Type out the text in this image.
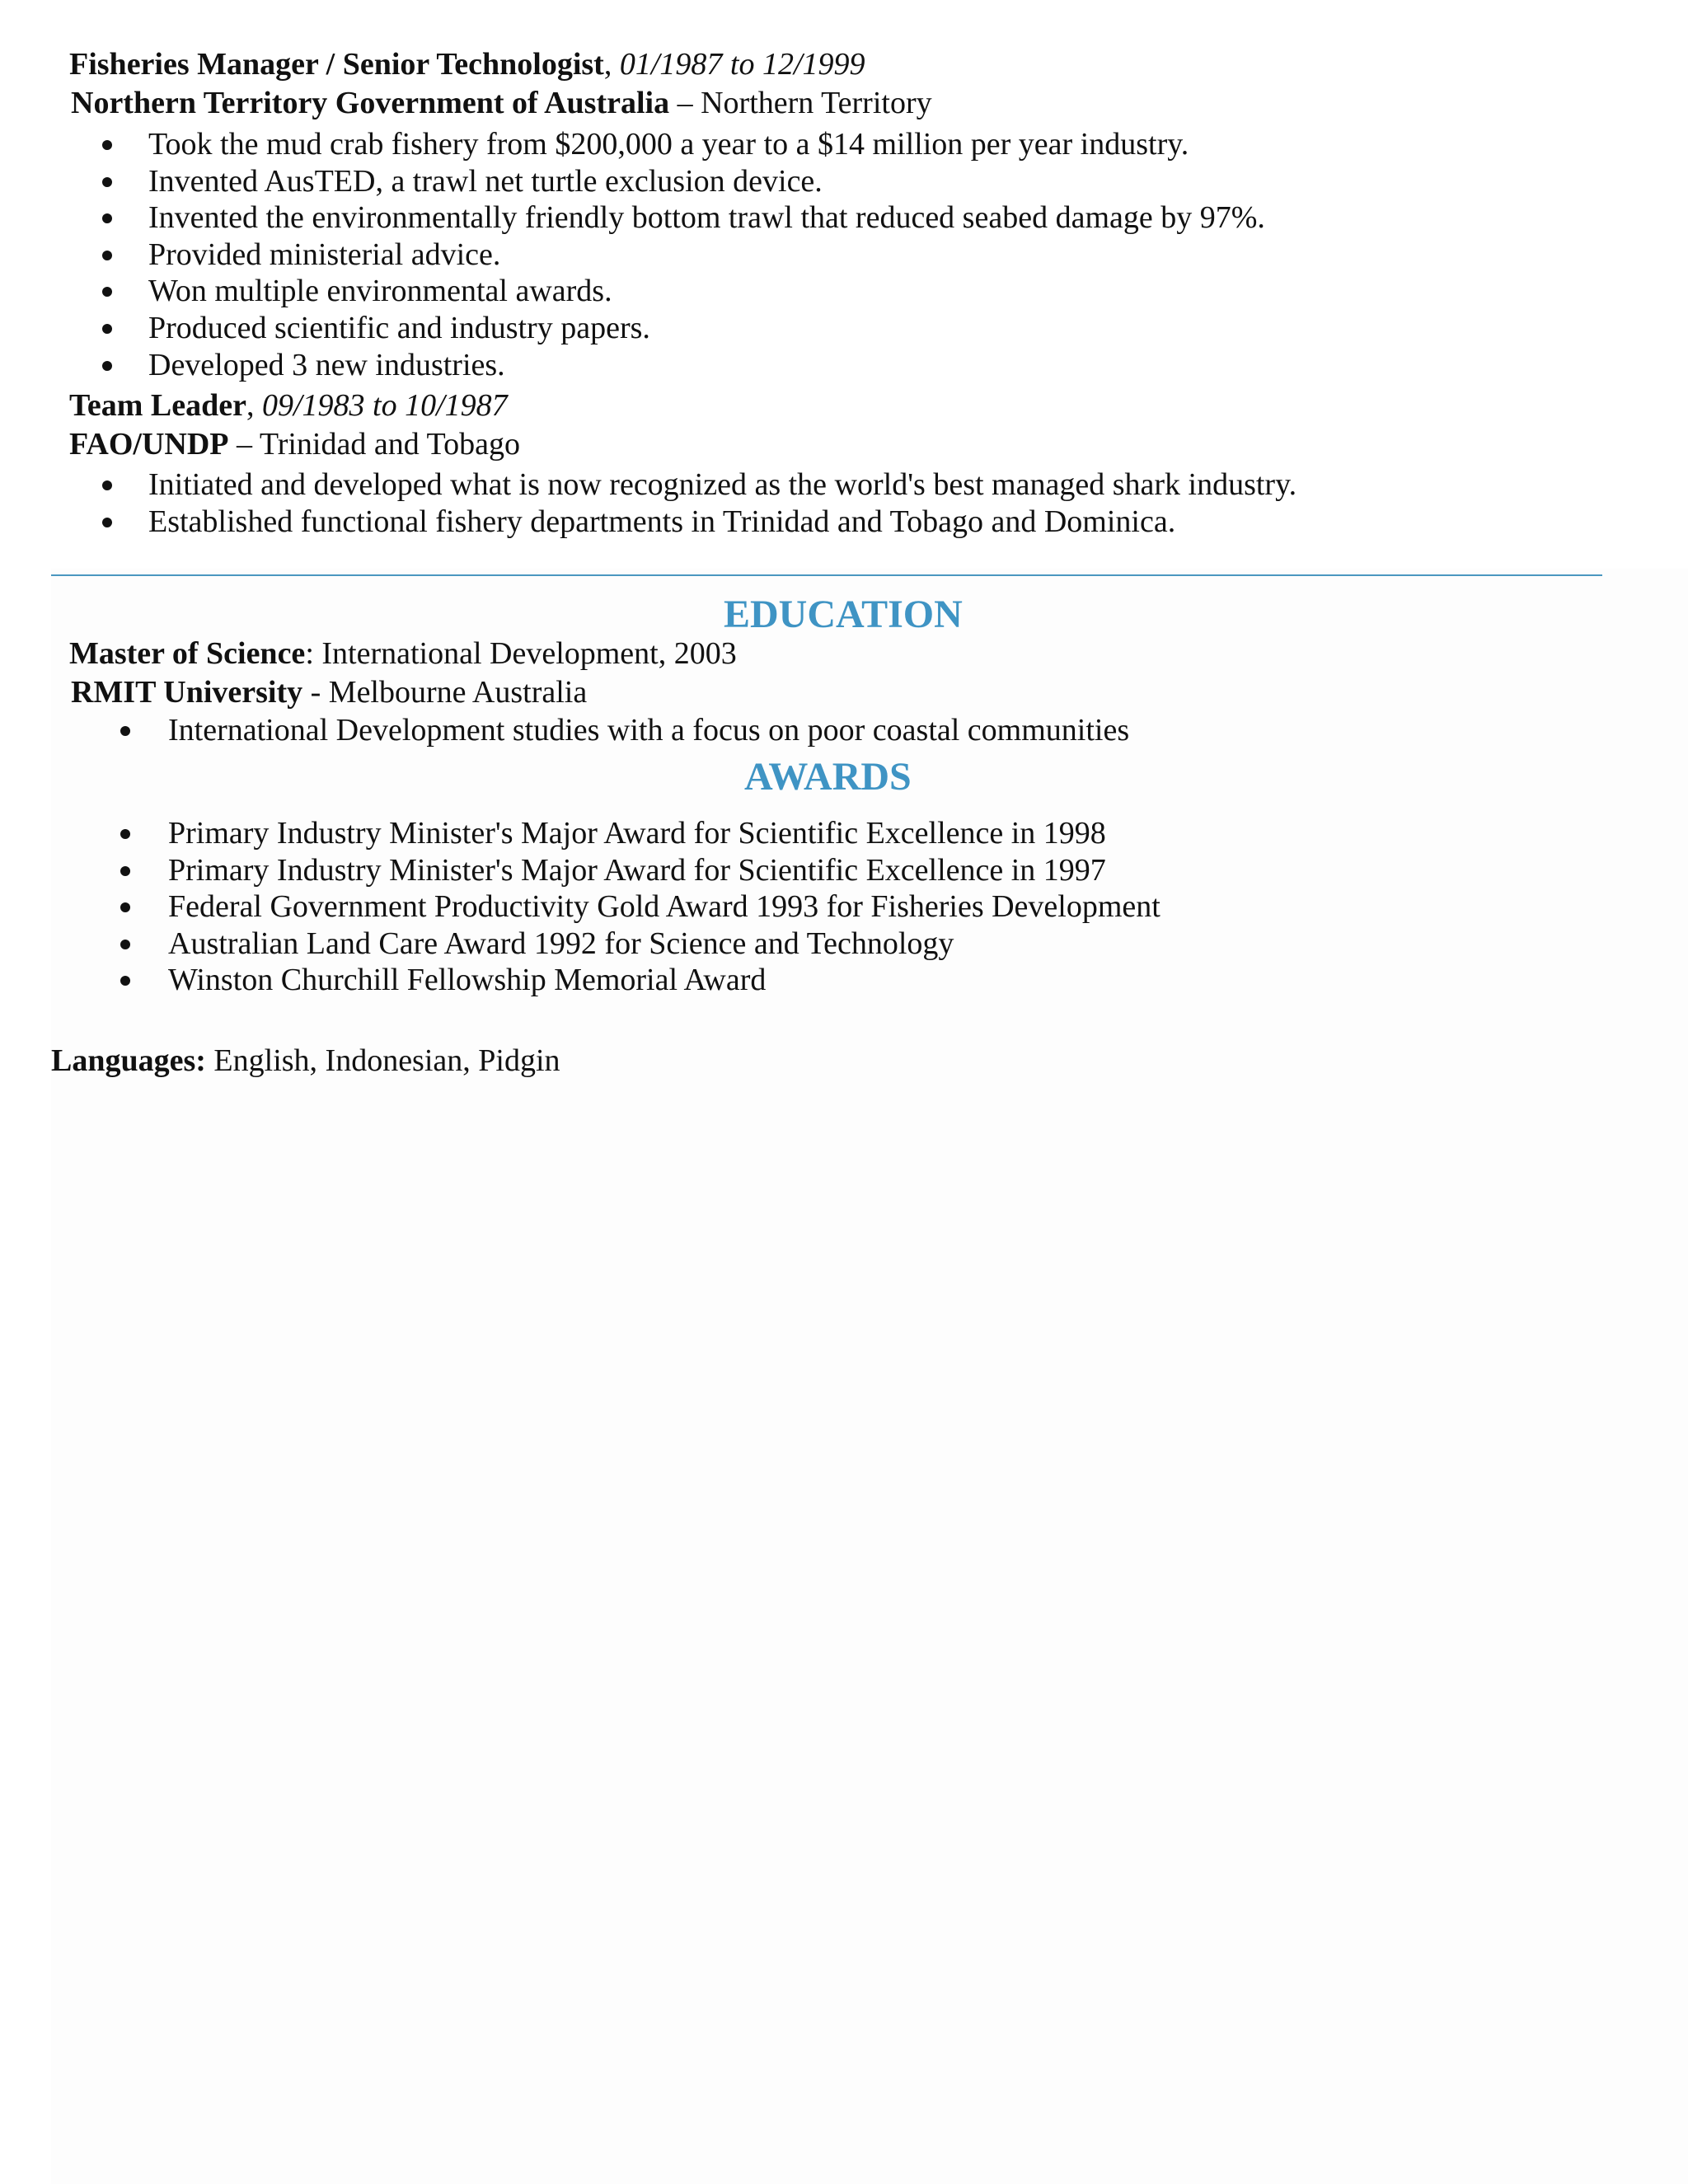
Fisheries Manager / Senior Technologist, 01/1987 to 12/1999
Northern Territory Government of Australia – Northern Territory
Took the mud crab fishery from $200,000 a year to a $14 million per year industry.
Invented AusTED, a trawl net turtle exclusion device.
Invented the environmentally friendly bottom trawl that reduced seabed damage by 97%.
Provided ministerial advice.
Won multiple environmental awards.
Produced scientific and industry papers.
Developed 3 new industries.
Team Leader, 09/1983 to 10/1987
FAO/UNDP – Trinidad and Tobago
Initiated and developed what is now recognized as the world's best managed shark industry.
Established functional fishery departments in Trinidad and Tobago and Dominica.
EDUCATION
Master of Science: International Development, 2003
RMIT University - Melbourne Australia
International Development studies with a focus on poor coastal communities
AWARDS
Primary Industry Minister's Major Award for Scientific Excellence in 1998
Primary Industry Minister's Major Award for Scientific Excellence in 1997
Federal Government Productivity Gold Award 1993 for Fisheries Development
Australian Land Care Award 1992 for Science and Technology
Winston Churchill Fellowship Memorial Award
Languages: English, Indonesian, Pidgin
